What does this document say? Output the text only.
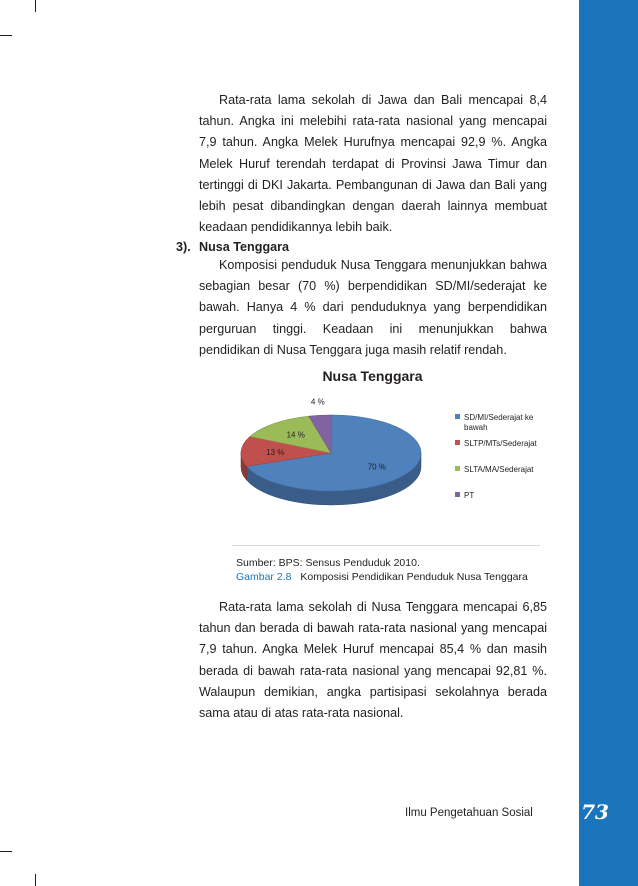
Rata-rata lama sekolah di Jawa dan Bali mencapai 8,4
tahun. Angka ini melebihi rata-rata nasional yang mencapai
7,9 tahun. Angka Melek Hurufnya mencapai 92,9 %. Angka
Melek Huruf terendah terdapat di Provinsi Jawa Timur dan
tertinggi di DKI Jakarta. Pembangunan di Jawa dan Bali yang
lebih pesat dibandingkan dengan daerah lainnya membuat
keadaan pendidikannya lebih baik.

3). Nusa Tenggara

Komposisi penduduk Nusa Tenggara menunjukkan bahwa
sebagian besar (70 %) berpendidikan SD/MI/sederajat ke
bawah. Hanya 4 % dari penduduknya yang berpendidikan
perguruan tinggi. Keadaan ini menunjukkan bahwa
pendidikan di Nusa Tenggara juga masih relatif rendah.

Nusa Tenggara
70 %
13 %
14 %
4 %
SD/MI/Sederajat ke
bawah
SLTP/MTs/Sederajat
SLTA/MA/Sederajat
PT
Sumber: BPS: Sensus Penduduk 2010.
Gambar 2.8 Komposisi Pendidikan Penduduk Nusa Tenggara

Rata-rata lama sekolah di Nusa Tenggara mencapai 6,85
tahun dan berada di bawah rata-rata nasional yang mencapai
7,9 tahun. Angka Melek Huruf mencapai 85,4 % dan masih
berada di bawah rata-rata nasional yang mencapai 92,81 %.
Walaupun demikian, angka partisipasi sekolahnya berada
sama atau di atas rata-rata nasional.

Ilmu Pengetahuan Sosial	73
